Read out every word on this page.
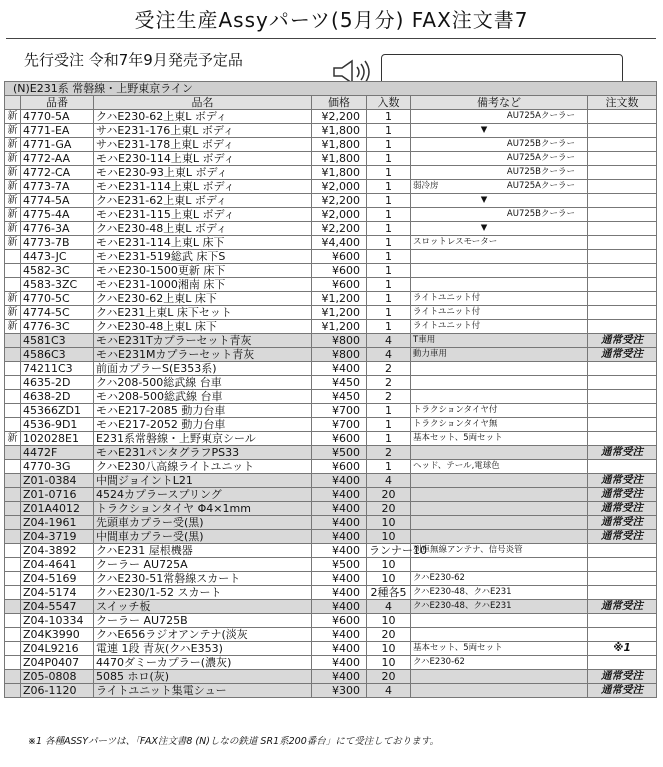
受注生産Assyパーツ(5月分) FAX注文書7
先行受注 令和7年9月発売予定品
(N)E231系 常磐線・上野東京ライン						
	品番	品名	価格	入数	備考など	注文数
新	4770-5A	クハE230-62上東L ボディ	¥2,200	1	AU725Aクーラー	

新	4771-EA	サハE231-176上東L ボディ	¥1,800	1	▼	

新	4771-GA	サハE231-178上東L ボディ	¥1,800	1	AU725Bクーラー	

新	4772-AA	モハE230-114上東L ボディ	¥1,800	1	AU725Aクーラー	

新	4772-CA	モハE230-93上東L ボディ	¥1,800	1	AU725Bクーラー	

新	4773-7A	モハE231-114上東L ボディ	¥2,000	1	弱冷房 AU725Aクーラー	

新	4774-5A	クハE231-62上東L ボディ	¥2,200	1	▼	

新	4775-4A	モハE231-115上東L ボディ	¥2,000	1	AU725Bクーラー	

新	4776-3A	クハE230-48上東L ボディ	¥2,200	1	▼	

新	4773-7B	モハE231-114上東L 床下	¥4,400	1	スロットレスモーター	
	4473-JC	モハE231-519総武 床下S	¥600	1		
	4582-3C	モハE230-1500更新 床下	¥600	1		
	4583-3ZC	モハE231-1000湘南 床下	¥600	1		
新	4770-5C	クハE230-62上東L 床下	¥1,200	1	ライトユニット付	
新	4774-5C	クハE231上東L 床下セット	¥1,200	1	ライトユニット付	
新	4776-3C	クハE230-48上東L 床下	¥1,200	1	ライトユニット付	
	4581C3	モハE231Tカプラーセット青灰	¥800	4	T車用	通常受注
	4586C3	モハE231Mカプラーセット青灰	¥800	4	動力車用	通常受注
	74211C3	前面カプラーS(E353系)	¥400	2		
	4635-2D	クハ208-500総武線 台車	¥450	2		
	4638-2D	モハ208-500総武線 台車	¥450	2		
	45366ZD1	モハE217-2085 動力台車	¥700	1	トラクションタイヤ付	
	4536-9D1	モハE217-2052 動力台車	¥700	1	トラクションタイヤ無	
新	102028E1	E231系常磐線・上野東京シール	¥600	1	基本セット、5両セット	
	4472F	モハE231パンタグラフPS33	¥500	2		通常受注
	4770-3G	クハE230八高線ライトユニット	¥600	1	ヘッド、テール,電球色	
	Z01-0384	中間ジョイントL21	¥400	4		通常受注
	Z01-0716	4524カプラースプリング	¥400	20		通常受注
	Z01A4012	トラクションタイヤ Φ4×1mm	¥400	20		通常受注
	Z04-1961	先頭車カプラー受(黒)	¥400	10		通常受注
	Z04-3719	中間車カプラー受(黒)	¥400	10		通常受注
	Z04-3892	クハE231 屋根機器	¥400	ランナー10	列車無線アンテナ、信号炎管	
	Z04-4641	クーラー AU725A	¥500	10		
	Z04-5169	クハE230-51常磐線スカート	¥400	10	クハE230-62	
	Z04-5174	クハE230/1-52 スカート	¥400	2種各5	クハE230-48、クハE231	
	Z04-5547	スイッチ板	¥400	4	クハE230-48、クハE231	通常受注
	Z04-10334	クーラー AU725B	¥600	10		
	Z04K3990	クハE656ラジオアンテナ(淡灰	¥400	20		
	Z04L9216	電連 1段 青灰(クハE353)	¥400	10	基本セット、5両セット	※1
	Z04P0407	4470ダミーカプラー(濃灰)	¥400	10	クハE230-62	
	Z05-0808	5085 ホロ(灰)	¥400	20		通常受注
	Z06-1120	ライトユニット集電シュー	¥300	4		通常受注
※1 各種ASSYパーツは、「FAX注文書8 (N)しなの鉄道 SR1系200番台」にて受注しております。
